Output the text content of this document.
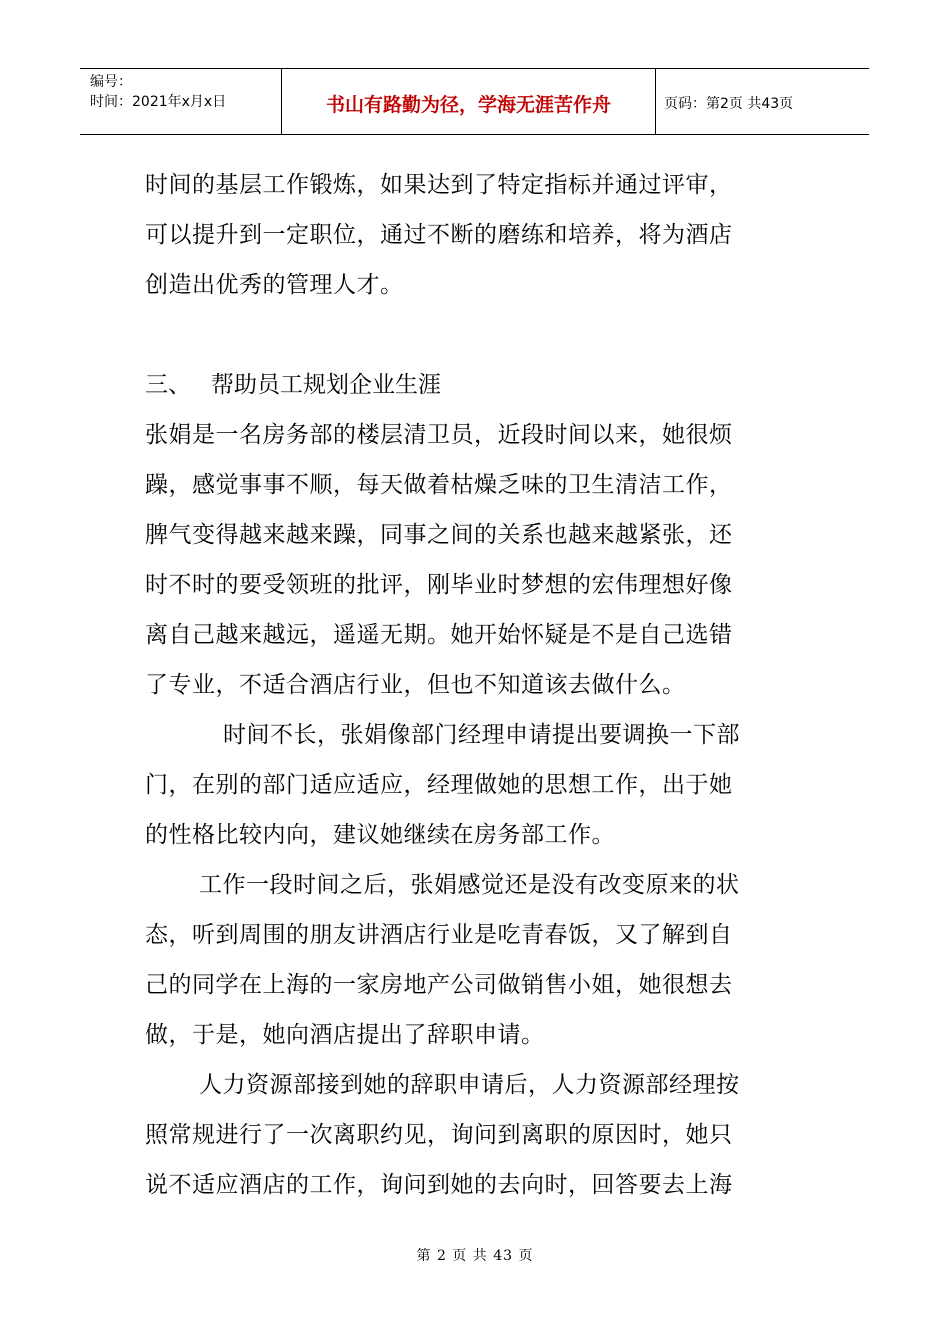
编号：
时间：2021年x月x日	书山有路勤为径，学海无涯苦作舟	页码：第2页 共43页
时间的基层工作锻炼，如果达到了特定指标并通过评审，
可以提升到一定职位，通过不断的磨练和培养，将为酒店
创造出优秀的管理人才。
三、 帮助员工规划企业生涯
张娟是一名房务部的楼层清卫员，近段时间以来，她很烦
躁，感觉事事不顺，每天做着枯燥乏味的卫生清洁工作，
脾气变得越来越来躁，同事之间的关系也越来越紧张，还
时不时的要受领班的批评，刚毕业时梦想的宏伟理想好像
离自己越来越远，遥遥无期。她开始怀疑是不是自己选错
了专业，不适合酒店行业，但也不知道该去做什么。
时间不长，张娟像部门经理申请提出要调换一下部
门，在别的部门适应适应，经理做她的思想工作，出于她
的性格比较内向，建议她继续在房务部工作。
工作一段时间之后，张娟感觉还是没有改变原来的状
态，听到周围的朋友讲酒店行业是吃青春饭，又了解到自
己的同学在上海的一家房地产公司做销售小姐，她很想去
做，于是，她向酒店提出了辞职申请。
人力资源部接到她的辞职申请后，人力资源部经理按
照常规进行了一次离职约见，询问到离职的原因时，她只
说不适应酒店的工作，询问到她的去向时，回答要去上海
第 2 页 共 43 页
